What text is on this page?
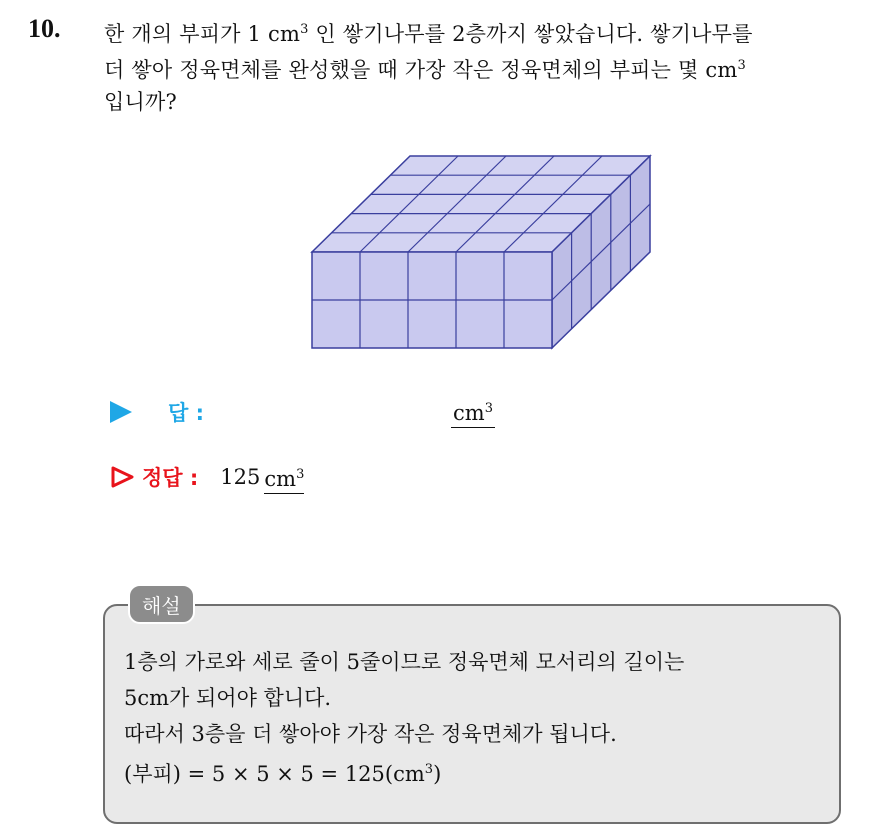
10. 한 개의 부피가 1 $cm^3$ 인 쌓기나무를 2층까지 쌓았습니다. 쌓기나무를
더 쌓아 정육면체를 완성했을 때 가장 작은 정육면체의 부피는 몇 $cm^3$
입니까?
답 :	$cm^3$
정답 : 125 $cm^3$
해설
1층의 가로와 세로 줄이 5줄이므로 정육면체 모서리의 길이는
5cm가 되어야 합니다.
따라서 3층을 더 쌓아야 가장 작은 정육면체가 됩니다.
(부피) = $5 \times 5 \times 5 = 125(cm^3)$
